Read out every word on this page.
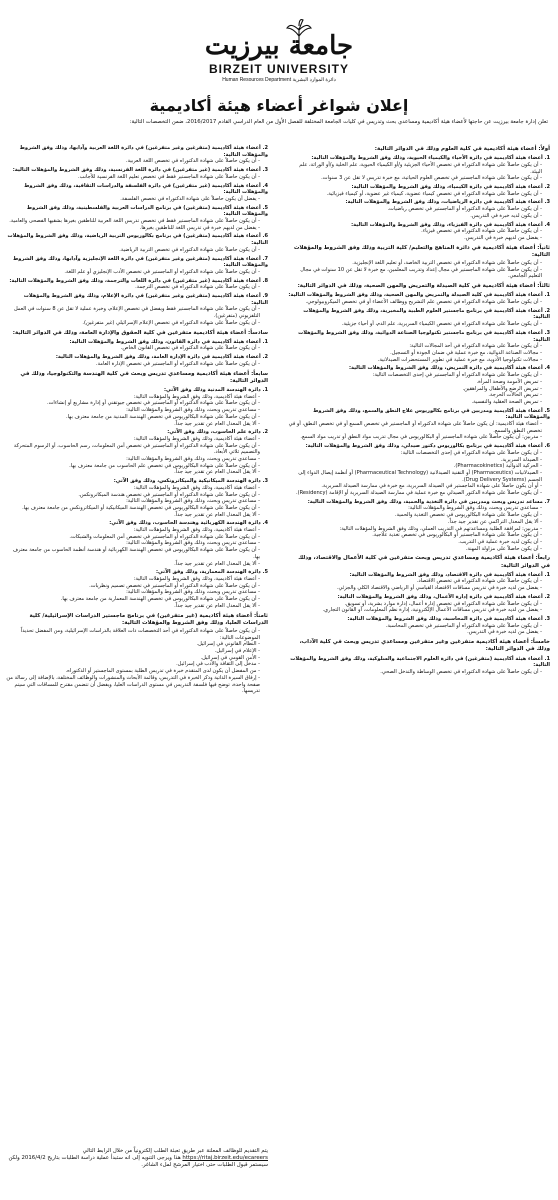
جامعة بيرزيت
BIRZEIT UNIVERSITY
Human Resources Department دائرة الموارد البشرية
إعلان شواغر أعضاء هيئة أكاديمية
تعلن إدارة جامعة بيرزيت عن حاجتها لأعضاء هيئة أكاديمية ومساعدي بحث وتدريس في كليات الجامعة المختلفة للفصل الأول من العام الدراسي القادم 2016/2017، ضمن التخصصات التالية:
أولاً: أعضاء هيئة أكاديمية في كلية العلوم وذلك في الدوائر التالية:
1. أعضاء هيئة أكاديمية في دائرة الأحياء والكيمياء الحيوية، وذلك وفق الشروط والمؤهلات التالية:
- أن يكون حاصلاً على شهادة الدكتوراه في تخصص الأحياء الجزيئية و/أو الكيمياء الحيوية، علم الخلية و/أو الوراثة، علم البيئة.
- أن يكون حاصلاً على شهادة الماجستير في تخصص العلوم الحياتية، مع خبرة تدريس لا تقل عن 3 سنوات.
2. أعضاء هيئة أكاديمية في دائرة الكيمياء، وذلك وفق الشروط والمؤهلات التالية:
- أن يكون حاصلاً على شهادة الدكتوراه في تخصص كيمياء عضوية، كيمياء غير عضوية، أو كيمياء فيزيائية.
3. أعضاء هيئة أكاديمية في دائرة الرياضيات، وذلك وفق الشروط والمؤهلات التالية:
- أن يكون حاصلاً على شهادة الدكتوراه أو الماجستير في تخصص رياضيات.
- أن يكون لديه خبرة في التدريس.
4. أعضاء هيئة أكاديمية في دائرة الفيزياء، وذلك وفق الشروط والمؤهلات التالية:
- أن يكون حاصلاً على شهادة الدكتوراه في تخصص فيزياء.
- يفضل من لديهم خبرة في التدريس.
ثانياً: أعضاء هيئة أكاديمية في دائرة المناهج والتعليم/ كلية التربية وذلك وفق الشروط والمؤهلات التالية:
- أن يكون حاصلاً على شهادة الدكتوراه في تخصص التربية الخاصة، أو تعليم اللغة الإنجليزية.
- أن يكون حاصلاً على شهادة الماجستير في مجال إعداد وتدريب المعلمين، مع خبرة لا تقل عن 10 سنوات في مجال التعليم الجامعي.
ثالثاً: أعضاء هيئة أكاديمية في كلية الصيدلة والتمريض والمهن الصحية، وذلك في الدوائر التالية:
1. أعضاء هيئة أكاديمية في كلية الصيدلة والتمريض والمهن الصحية، وذلك وفق الشروط والمؤهلات التالية:
- أن يكون حاصلاً على شهادة الدكتوراه في تخصص علم التشريح ووظائف الأعضاء أو في تخصص الميكروبيولوجي.
2. أعضاء هيئة أكاديمية في برنامج ماجستير العلوم الطبية والمخبرية، وذلك وفق الشروط والمؤهلات التالية:
- أن يكون حاصلاً على شهادة الدكتوراه في تخصص الكيمياء السريرية، علم الدم، أو أحياء جزيئية.
3. أعضاء هيئة أكاديمية في برنامج ماجستير تكنولوجيا الصناعة الدوائية، وذلك وفق الشروط والمؤهلات التالية:
- أن يكون حاصلاً على شهادة الدكتوراه في أحد المجالات التالية:
- مجالات الصناعة الدوائية، مع خبرة عملية في ضمان الجودة أو التسجيل.
- مجالات تكنولوجيا الأدوية، مع خبرة عملية في تطوير المستحضرات الصيدلانية.
4. أعضاء هيئة أكاديمية في دائرة التمريض، وذلك وفق الشروط والمؤهلات التالية:
- أن يكون حاصلاً على شهادة الدكتوراه أو الماجستير في إحدى التخصصات التالية:
- تمريض الأمومة وصحة المرأة.
- تمريض الرضع والأطفال والمراهقين.
- تمريض الحالات الحرجة.
- تمريض الصحة العقلية والنفسية.
5. أعضاء هيئة أكاديمية ومدربين في برنامج بكالوريوس علاج النطق والسمع، وذلك وفق الشروط والمؤهلات التالية:
- أعضاء هيئة أكاديمية: أن يكون حاصلاً على شهادة الدكتوراه أو الماجستير في تخصص السمع أو في تخصص النطق، أو في تخصص النطق والسمع.
- مدربين: أن يكون حاصلاً على شهادة الماجستير أو البكالوريوس في مجال تدريب مواد النطق أو تدريب مواد السمع.
6. أعضاء هيئة أكاديمية في برنامج بكالوريوس دكتور صيدلي، وذلك وفق الشروط والمؤهلات التالية:
- أن يكون حاصلاً على شهادة الدكتوراه في إحدى التخصصات التالية:
- الصيدلة السريرية.
- الحركية الدوائية (Pharmacokinetics).
- الصيدلانيات (Pharmaceutics) أو التقنية الصيدلانية (Pharmaceutical Technology) أو أنظمة إيصال الدواء إلى الجسم (Drug Delivery Systems).
- أو أن يكون حاصلاً على شهادة الماجستير في الصيدلة السريرية، مع خبرة في ممارسة الصيدلة السريرية.
- أن يكون حاصلاً على شهادة الدكتور الصيدلي مع خبرة عملية في ممارسة الصيدلة السريرية أو الإقامة (Residency).
7. مساعد تدريس وبحث ومدربين في دائرة التغذية والحمية، وذلك وفق الشروط والمؤهلات التالية:
- مساعدي تدريس وبحث، وذلك وفق الشروط والمؤهلات التالية:
- أن يكون حاصلاً على شهادة البكالوريوس في تخصص التغذية والحمية.
- ألا يقل المعدل التراكمي عن تقدير جيد جداً.
- مدربين: لمرافقة الطلبة ومساعدتهم في التدريب العملي، وذلك وفق الشروط والمؤهلات التالية:
- أن يكون حاصلاً على شهادة الماجستير أو البكالوريوس في تخصص تغذية علاجية.
- أن يكون لديه خبرة عملية في التدريب.
- أن يكون حاصلاً على مزاولة المهنة.
رابعاً: أعضاء هيئة أكاديمية ومساعدي تدريس وبحث متفرغين في كلية الأعمال والاقتصاد، وذلك في الدوائر التالية:
1. أعضاء هيئة أكاديمية في دائرة الاقتصاد، وذلك وفق الشروط والمؤهلات التالية:
- أن يكون حاصلاً على شهادة الدكتوراه في تخصص الاقتصاد.
- يفضل من لديه خبرة في تدريس مساقات الاقتصاد القياسي أو الرياضي والاقتصاد الكلي والجزئي.
2. أعضاء هيئة أكاديمية في دائرة إدارة الأعمال، وذلك وفق الشروط والمؤهلات التالية:
- أن يكون حاصلاً على شهادة الدكتوراه في تخصص إدارة أعمال، إدارة موارد بشرية، أو تسويق.
- يفضل من لديه خبرة في تدريس مساقات الأعمال الإلكترونية، إدارة نظم المعلومات، أو القانون التجاري.
3. أعضاء هيئة أكاديمية في دائرة المحاسبة، وذلك وفق الشروط والمؤهلات التالية:
- أن يكون حاصلاً على شهادة الدكتوراه أو الماجستير في تخصص المحاسبة.
- يفضل من لديه خبرة في التدريس.
خامساً: أعضاء هيئة أكاديمية متفرغين وغير متفرغين ومساعدي تدريس وبحث في كلية الآداب، وذلك في الدوائر التالية:
1. أعضاء هيئة أكاديمية (متفرغين) في دائرة العلوم الاجتماعية والسلوكية، وذلك وفق الشروط والمؤهلات التالية:
- أن يكون حاصلاً على شهادة الدكتوراه في تخصص الوساطة والتدخل الصحي.
2. أعضاء هيئة أكاديمية (متفرغين وغير متفرغين) في دائرة اللغة العربية وآدابها، وذلك وفق الشروط والمؤهلات التالية:
- أن يكون حاصلاً على شهادة الدكتوراه في تخصص اللغة العربية.
3. أعضاء هيئة أكاديمية (غير متفرغين) في دائرة اللغة الفرنسية، وذلك وفق الشروط والمؤهلات التالية:
- أن يكون حاصلاً على شهادة الماجستير فقط في تخصص تعليم اللغة الفرنسية للأجانب.
4. أعضاء هيئة أكاديمية (غير متفرغين) في دائرة الفلسفة والدراسات الثقافية، وذلك وفق الشروط والمؤهلات التالية:
- يفضل أن يكون حاصلاً على شهادة الدكتوراه في تخصص الفلسفة.
5. أعضاء هيئة أكاديمية (متفرغين) في برنامج الدراسات العربية والفلسطينية، وذلك وفق الشروط والمؤهلات التالية:
- أن يكون حاصلاً على شهادة الماجستير فقط في تخصص تدريس اللغة العربية للناطقين بغيرها بشقيها الفصحى والعامية.
- يفضل من لديهم خبرة في تدريس اللغة للناطقين بغيرها.
6. أعضاء هيئة أكاديمية (متفرغين) في برنامج بكالوريوس التربية الرياضية، وذلك وفق الشروط والمؤهلات التالية:
- أن يكون حاصلاً على شهادة الدكتوراه في تخصص التربية الرياضية.
7. أعضاء هيئة أكاديمية (متفرغين وغير متفرغين) في دائرة اللغة الإنجليزية وآدابها، وذلك وفق الشروط والمؤهلات التالية:
- أن يكون حاصلاً على شهادة الدكتوراه أو الماجستير في تخصص الأدب الإنجليزي أو علم اللغة.
8. أعضاء هيئة أكاديمية (غير متفرغين) في دائرة اللغات والترجمة، وذلك وفق الشروط والمؤهلات التالية:
- أن يكون حاصلاً على شهادة الدكتوراه في تخصص الترجمة.
9. أعضاء هيئة أكاديمية (متفرغين وغير متفرغين) في دائرة الإعلام، وذلك وفق الشروط والمؤهلات التالية:
- أن يكون حاصلاً على شهادة الماجستير فقط ويفضل في تخصص الإعلام، وخبرة عملية لا تقل عن 8 سنوات في العمل التلفزيوني (متفرغين).
- أن يكون حاصلاً على شهادة الدكتوراه في تخصص الإعلام الإسرائيلي (غير متفرغين).
سادساً: أعضاء هيئة أكاديمية متفرغين في كلية الحقوق والإدارة العامة، وذلك في الدوائر التالية:
1. أعضاء هيئة أكاديمية في دائرة القانون، وذلك وفق الشروط والمؤهلات التالية:
- أن يكون حاصلاً على شهادة الدكتوراه في تخصص القانون الخاص.
2. أعضاء هيئة أكاديمية في دائرة الإدارة العامة، وذلك وفق الشروط والمؤهلات التالية:
- أن يكون حاصلاً على شهادة الدكتوراه أو الماجستير في تخصص الإدارة العامة.
سابعاً: أعضاء هيئة أكاديمية ومساعدي تدريس وبحث في كلية الهندسة والتكنولوجيا، وذلك في الدوائر التالية:
1. دائرة الهندسة المدنية وذلك وفق الآتي:
- أعضاء هيئة أكاديمية، وذلك وفق الشروط والمؤهلات التالية:
- أن يكون حاصلاً على شهادة الدكتوراه أو الماجستير في تخصص جيوتقني أو إدارة مشاريع أو إنشاءات.
- مساعدي تدريس وبحث، وذلك وفق الشروط والمؤهلات التالية:
- أن يكون حاصلاً على شهادة البكالوريوس في تخصص الهندسة المدنية من جامعة معترف بها.
- ألا يقل المعدل العام عن تقدير جيد جداً.
2. دائرة علم الحاسوب، وذلك وفق الآتي:
- أعضاء هيئة أكاديمية، وذلك وفق الشروط والمؤهلات التالية:
- أن يكون حاصلاً على شهادة الدكتوراه أو الماجستير في تخصص أمن المعلومات، رسم الحاسوب، أو الرسوم المتحركة والتصميم ثلاثي الأبعاد.
- مساعدي تدريس وبحث، وذلك وفق الشروط والمؤهلات التالية:
- أن يكون حاصلاً على شهادة البكالوريوس في تخصص علم الحاسوب من جامعة معترف بها.
- ألا يقل المعدل العام عن تقدير جيد جداً.
3. دائرة الهندسة الميكانيكية والميكاترونكس، وذلك وفق الآتي:
- أعضاء هيئة أكاديمية، وذلك وفق الشروط والمؤهلات التالية:
- أن يكون حاصلاً على شهادة الدكتوراه أو الماجستير في تخصص هندسة الميكاترونكس.
- مساعدي تدريس وبحث، وذلك وفق الشروط والمؤهلات التالية:
- أن يكون حاصلاً على شهادة البكالوريوس في تخصص الهندسة الميكانيكية أو الميكاترونكس من جامعة معترف بها.
- ألا يقل المعدل العام عن تقدير جيد جداً.
4. دائرة الهندسة الكهربائية وهندسة الحاسوب، وذلك وفق الآتي:
- أعضاء هيئة أكاديمية، وذلك وفق الشروط والمؤهلات التالية:
- أن يكون حاصلاً على شهادة الدكتوراه أو الماجستير في تخصص أمن المعلومات والشبكات.
- مساعدي تدريس وبحث، وذلك وفق الشروط والمؤهلات التالية:
- أن يكون حاصلاً على شهادة البكالوريوس في تخصص الهندسة الكهربائية أو هندسة أنظمة الحاسوب من جامعة معترف بها.
- ألا يقل المعدل العام عن تقدير جيد جداً.
5. دائرة الهندسة المعمارية، وذلك وفق الآتي:
- أعضاء هيئة أكاديمية، وذلك وفق الشروط والمؤهلات التالية:
- أن يكون حاصلاً على شهادة الدكتوراه أو الماجستير في تخصص تصميم ونظريات.
- مساعدي تدريس وبحث، وذلك وفق الشروط والمؤهلات التالية:
- أن يكون حاصلاً على شهادة البكالوريوس في تخصص الهندسة المعمارية من جامعة معترف بها.
- ألا يقل المعدل العام عن تقدير جيد جداً.
ثامناً: أعضاء هيئة أكاديمية (غير متفرغين) في برنامج ماجستير الدراسات الإسرائيلية/ كلية الدراسات العليا، وذلك وفق الشروط والمؤهلات التالية:
- أن يكون حاصلاً على شهادة الدكتوراه في أحد التخصصات ذات العلاقة بالدراسات الإسرائيلية، ومن المفضل تحديداً الموضوعات التالية:
- النظام القانوني في إسرائيل.
- الإعلام في إسرائيل.
- الأمن القومي في إسرائيل.
- مدخل إلى الثقافة والأدب في إسرائيل.
- من المفضل أن يكون لدى المتقدم خبرة في تدريس الطلبة بمستوى الماجستير أو الدكتوراه.
- إرفاق السيرة الذاتية وذكر الخبرة في التدريس، وقائمة الأبحاث والمنشورات والوظائف المختلفة، بالإضافة إلى رسالة من صفحة واحدة، توضح فيها فلسفة التدريس في مستوى الدراسات العليا، ويفضل أن تتضمن مقترح للمساقات التي سيتم تدريسها.
يتم التقديم للوظائف المعلنة عبر طريق تعبئة الطلب إلكترونياً من خلال الرابط التالي https://ritaj.birzeit.edu/ecareers هذا ويرجى التنويه إلى انه ستبدأ عملية دراسة الطلبات بتاريخ 2016/4/2 ولكن سيستمر قبول الطلبات حتى اختيار المرشح لملء الشاغر.
